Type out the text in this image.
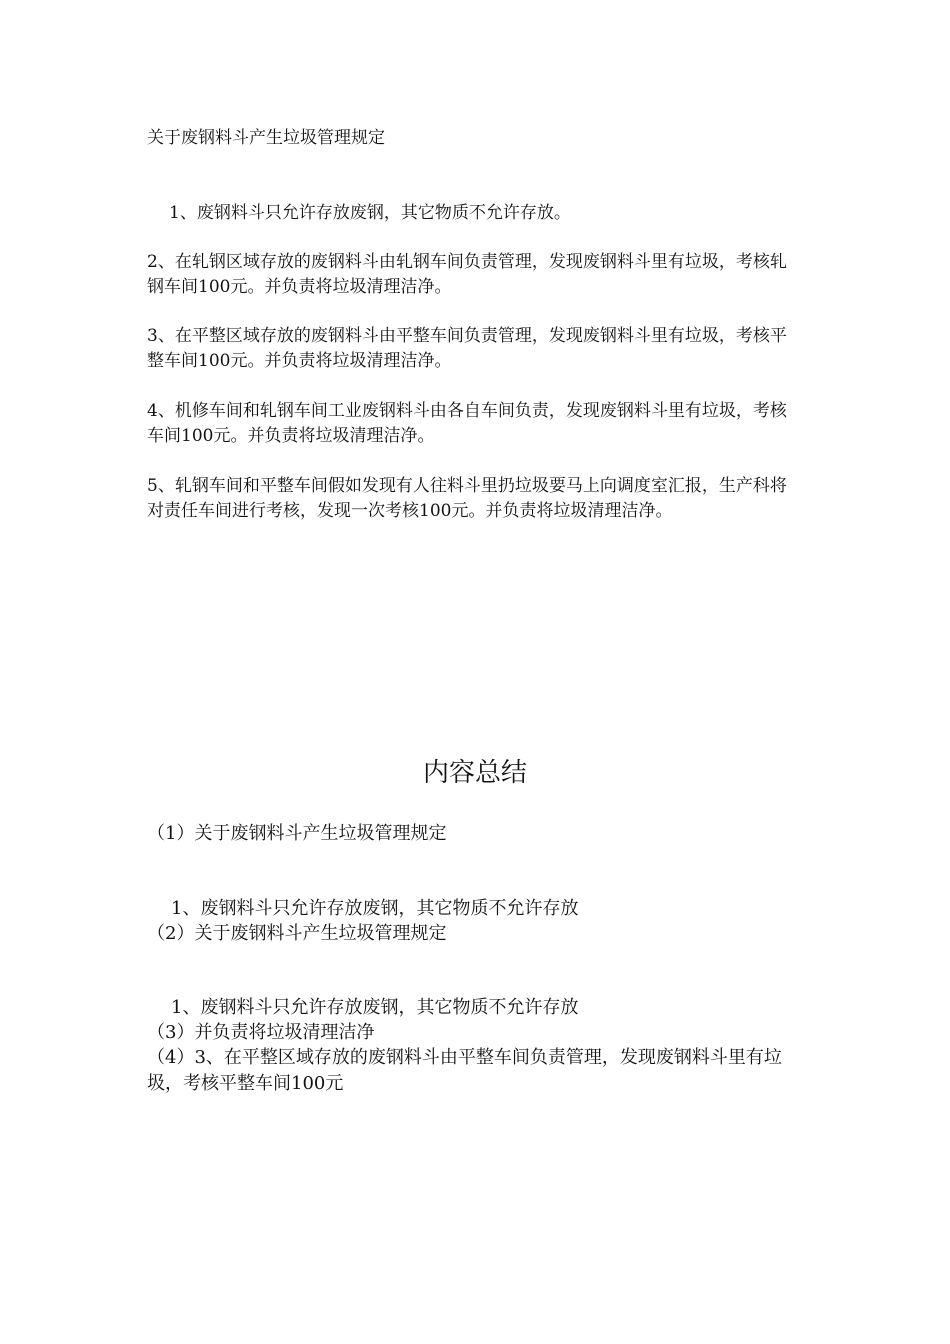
关于废钢料斗产生垃圾管理规定

1、废钢料斗只允许存放废钢，其它物质不允许存放。

2、在轧钢区域存放的废钢料斗由轧钢车间负责管理，发现废钢料斗里有垃圾，考核轧钢车间100元。并负责将垃圾清理洁净。

3、在平整区域存放的废钢料斗由平整车间负责管理，发现废钢料斗里有垃圾，考核平整车间100元。并负责将垃圾清理洁净。

4、机修车间和轧钢车间工业废钢料斗由各自车间负责，发现废钢料斗里有垃圾，考核车间100元。并负责将垃圾清理洁净。

5、轧钢车间和平整车间假如发现有人往料斗里扔垃圾要马上向调度室汇报，生产科将对责任车间进行考核，发现一次考核100元。并负责将垃圾清理洁净。

内容总结

（1）关于废钢料斗产生垃圾管理规定

1、废钢料斗只允许存放废钢，其它物质不允许存放

（2）关于废钢料斗产生垃圾管理规定

1、废钢料斗只允许存放废钢，其它物质不允许存放

（3）并负责将垃圾清理洁净

（4）3、在平整区域存放的废钢料斗由平整车间负责管理，发现废钢料斗里有垃圾，考核平整车间100元
